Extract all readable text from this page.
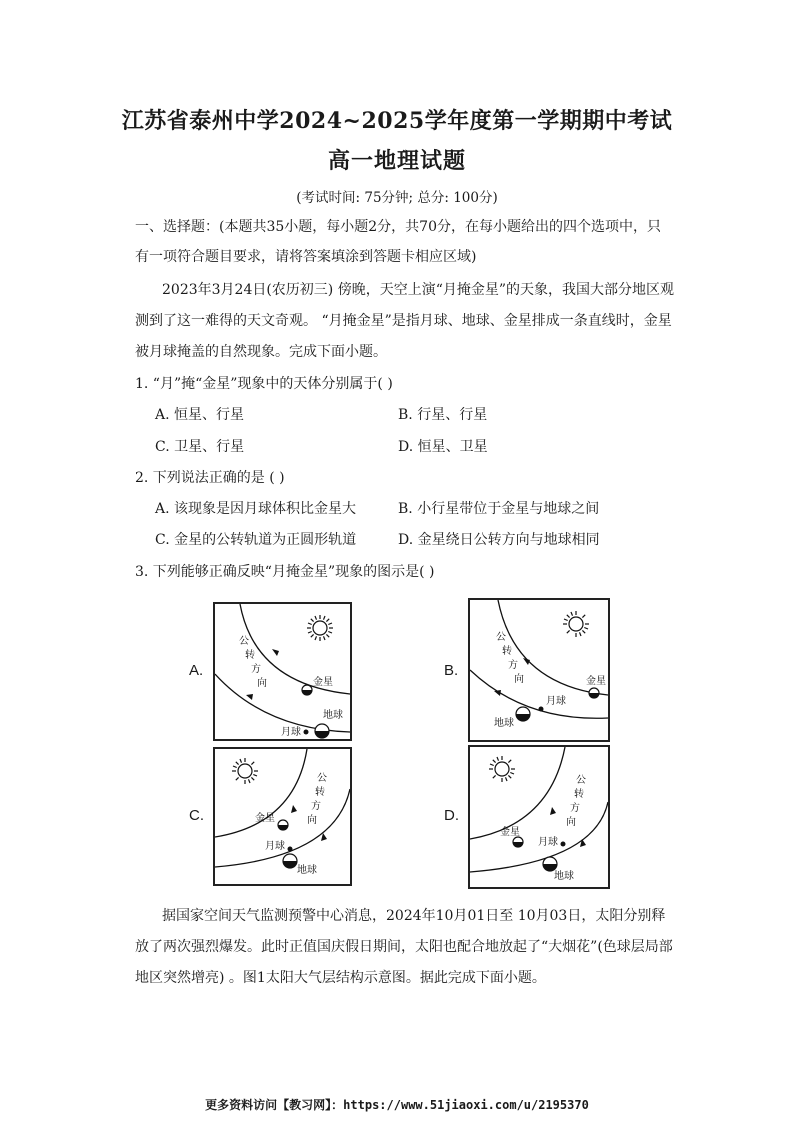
江苏省泰州中学2024~2025学年度第一学期期中考试
高一地理试题
(考试时间: 75分钟; 总分: 100分)
一、选择题：(本题共35小题，每小题2分，共70分，在每小题给出的四个选项中，只
有一项符合题目要求，请将答案填涂到答题卡相应区域)
2023年3月24日(农历初三) 傍晚，天空上演“月掩金星”的天象，我国大部分地区观
测到了这一难得的天文奇观。 “月掩金星”是指月球、地球、金星排成一条直线时，金星
被月球掩盖的自然现象。完成下面小题。
1. “月”掩“金星”现象中的天体分别属于( )
A. 恒星、行星	B. 行星、行星
C. 卫星、行星	D. 恒星、卫星
2. 下列说法正确的是 ( )
A. 该现象是因月球体积比金星大	B. 小行星带位于金星与地球之间
C. 金星的公转轨道为正圆形轨道	D. 金星绕日公转方向与地球相同
3. 下列能够正确反映“月掩金星”现象的图示是( )
A.
公
转
方
向	金星
地球
月球
B.
公
转
方
向	金星
月球
地球
C.
公
转
方
向
金星
月球
地球
D.
公
转
方
向
金星
月球
地球
据国家空间天气监测预警中心消息，2024年10月01日至 10月03日，太阳分别释
放了两次强烈爆发。此时正值国庆假日期间，太阳也配合地放起了“大烟花”(色球层局部
地区突然增亮) 。图1太阳大气层结构示意图。据此完成下面小题。
更多资料访问【教习网】：https://www.51jiaoxi.com/u/2195370
